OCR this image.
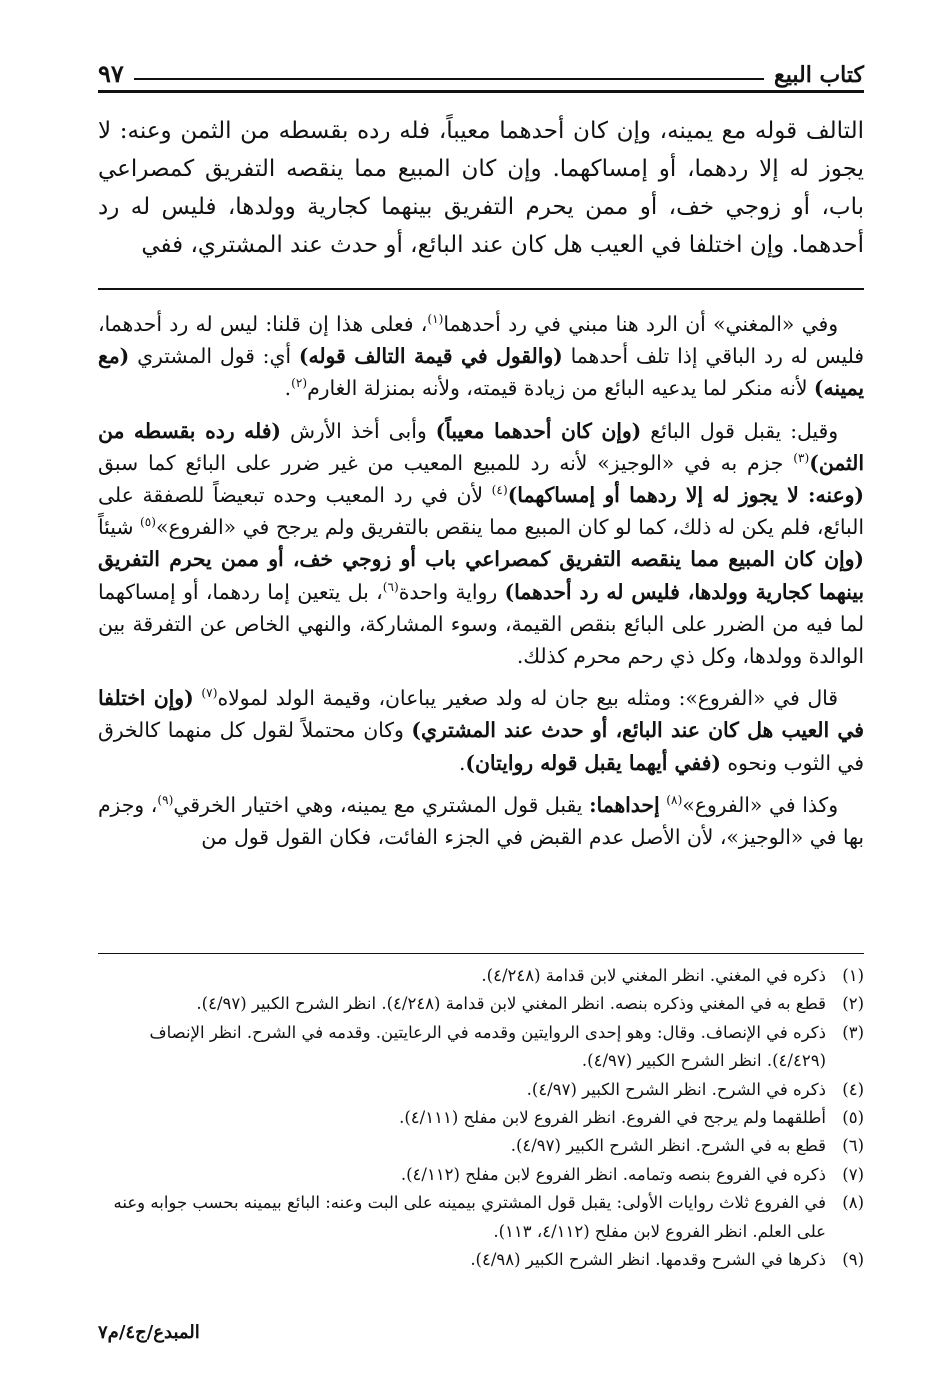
كتاب البيع
٩٧
التالف قوله مع يمينه، وإن كان أحدهما معيباً، فله رده بقسطه من الثمن وعنه: لا يجوز له إلا ردهما، أو إمساكهما. وإن كان المبيع مما ينقصه التفريق كمصراعي باب، أو زوجي خف، أو ممن يحرم التفريق بينهما كجارية وولدها، فليس له رد أحدهما. وإن اختلفا في العيب هل كان عند البائع، أو حدث عند المشتري، ففي

وفي «المغني» أن الرد هنا مبني في رد أحدهما$^{(١)}$، فعلى هذا إن قلنا: ليس له رد أحدهما، فليس له رد الباقي إذا تلف أحدهما (والقول في قيمة التالف قوله) أي: قول المشتري (مع يمينه) لأنه منكر لما يدعيه البائع من زيادة قيمته، ولأنه بمنزلة الغارم$^{(٢)}$.

وقيل: يقبل قول البائع (وإن كان أحدهما معيباً) وأبى أخذ الأرش (فله رده بقسطه من الثمن)$^{(٣)}$ جزم به في «الوجيز» لأنه رد للمبيع المعيب من غير ضرر على البائع كما سبق (وعنه: لا يجوز له إلا ردهما أو إمساكهما)$^{(٤)}$ لأن في رد المعيب وحده تبعيضاً للصفقة على البائع، فلم يكن له ذلك، كما لو كان المبيع مما ينقص بالتفريق ولم يرجح في «الفروع»$^{(٥)}$ شيئاً (وإن كان المبيع مما ينقصه التفريق كمصراعي باب أو زوجي خف، أو ممن يحرم التفريق بينهما كجارية وولدها، فليس له رد أحدهما) رواية واحدة$^{(٦)}$، بل يتعين إما ردهما، أو إمساكهما لما فيه من الضرر على البائع بنقص القيمة، وسوء المشاركة، والنهي الخاص عن التفرقة بين الوالدة وولدها، وكل ذي رحم محرم كذلك.

قال في «الفروع»: ومثله بيع جان له ولد صغير يباعان، وقيمة الولد لمولاه$^{(٧)}$ (وإن اختلفا في العيب هل كان عند البائع، أو حدث عند المشتري) وكان محتملاً لقول كل منهما كالخرق في الثوب ونحوه (ففي أيهما يقبل قوله روايتان).

وكذا في «الفروع»$^{(٨)}$ إحداهما: يقبل قول المشتري مع يمينه، وهي اختيار الخرقي$^{(٩)}$، وجزم بها في «الوجيز»، لأن الأصل عدم القبض في الجزء الفائت، فكان القول قول من

(١)
ذكره في المغني. انظر المغني لابن قدامة (٤/٢٤٨).
(٢)
قطع به في المغني وذكره بنصه. انظر المغني لابن قدامة (٤/٢٤٨). انظر الشرح الكبير (٤/٩٧).
(٣)
ذكره في الإنصاف. وقال: وهو إحدى الروايتين وقدمه في الرعايتين. وقدمه في الشرح. انظر الإنصاف (٤/٤٢٩). انظر الشرح الكبير (٤/٩٧).
(٤)
ذكره في الشرح. انظر الشرح الكبير (٤/٩٧).
(٥)
أطلقهما ولم يرجح في الفروع. انظر الفروع لابن مفلح (٤/١١١).
(٦)
قطع به في الشرح. انظر الشرح الكبير (٤/٩٧).
(٧)
ذكره في الفروع بنصه وتمامه. انظر الفروع لابن مفلح (٤/١١٢).
(٨)
في الفروع ثلاث روايات الأولى: يقبل قول المشتري بيمينه على البت وعنه: البائع بيمينه بحسب جوابه وعنه على العلم. انظر الفروع لابن مفلح (٤/١١٢، ١١٣).
(٩)
ذكرها في الشرح وقدمها. انظر الشرح الكبير (٤/٩٨).
المبدع/ج٤/م٧
